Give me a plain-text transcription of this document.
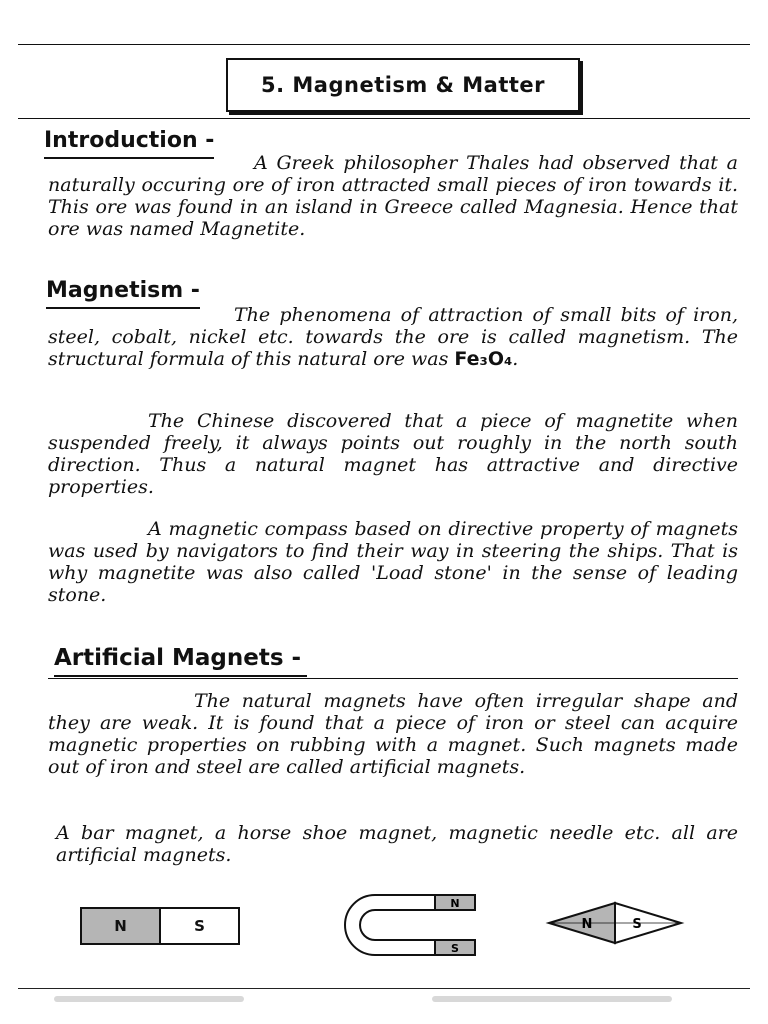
5. Magnetism & Matter
Introduction -
A Greek philosopher Thales had observed that a naturally occuring ore of iron attracted small pieces of iron towards it. This ore was found in an island in Greece called Magnesia. Hence that ore was named Magnetite.
Magnetism -
The phenomena of attraction of small bits of iron, steel, cobalt, nickel etc. towards the ore is called magnetism. The structural formula of this natural ore was Fe₃O₄.
The Chinese discovered that a piece of magnetite when suspended freely, it always points out roughly in the north south direction. Thus a natural magnet has attractive and directive properties.
A magnetic compass based on directive property of magnets was used by navigators to find their way in steering the ships. That is why magnetite was also called 'Load stone' in the sense of leading stone.
Artificial Magnets -
The natural magnets have often irregular shape and they are weak. It is found that a piece of iron or steel can acquire magnetic properties on rubbing with a magnet. Such magnets made out of iron and steel are called artificial magnets.
A bar magnet, a horse shoe magnet, magnetic needle etc. all are artificial magnets.
N	S
N
S
N	S
